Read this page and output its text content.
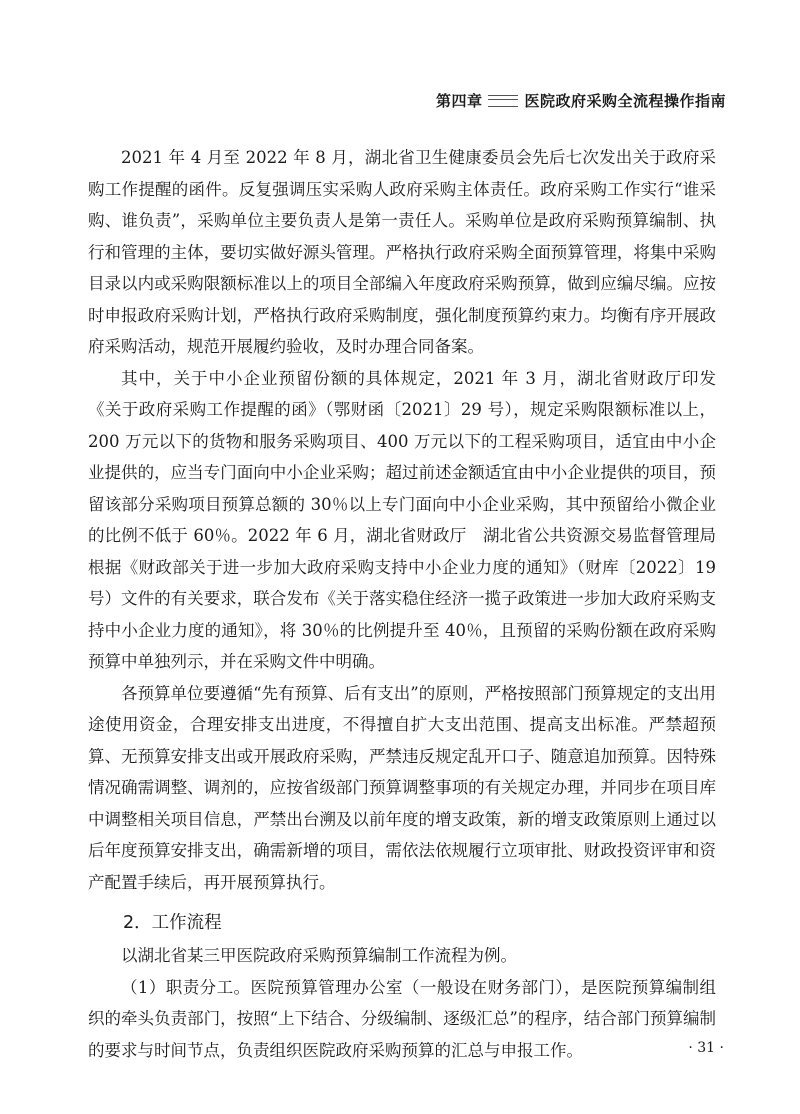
第四章	医院政府采购全流程操作指南

2021 年 4 月至 2022 年 8 月，湖北省卫生健康委员会先后七次发出关于政府采购工作提醒的函件。反复强调压实采购人政府采购主体责任。政府采购工作实行“谁采购、谁负责”，采购单位主要负责人是第一责任人。采购单位是政府采购预算编制、执行和管理的主体，要切实做好源头管理。严格执行政府采购全面预算管理，将集中采购目录以内或采购限额标准以上的项目全部编入年度政府采购预算，做到应编尽编。应按时申报政府采购计划，严格执行政府采购制度，强化制度预算约束力。均衡有序开展政府采购活动，规范开展履约验收，及时办理合同备案。

其中，关于中小企业预留份额的具体规定，2021 年 3 月，湖北省财政厅印发《关于政府采购工作提醒的函》（鄂财函〔2021〕29 号），规定采购限额标准以上，200 万元以下的货物和服务采购项目、400 万元以下的工程采购项目，适宜由中小企业提供的，应当专门面向中小企业采购；超过前述金额适宜由中小企业提供的项目，预留该部分采购项目预算总额的 30％以上专门面向中小企业采购，其中预留给小微企业的比例不低于 60％。2022 年 6 月，湖北省财政厅　湖北省公共资源交易监督管理局根据《财政部关于进一步加大政府采购支持中小企业力度的通知》（财库〔2022〕19 号）文件的有关要求，联合发布《关于落实稳住经济一揽子政策进一步加大政府采购支持中小企业力度的通知》，将 30％的比例提升至 40％，且预留的采购份额在政府采购预算中单独列示，并在采购文件中明确。

各预算单位要遵循“先有预算、后有支出”的原则，严格按照部门预算规定的支出用途使用资金，合理安排支出进度，不得擅自扩大支出范围、提高支出标准。严禁超预算、无预算安排支出或开展政府采购，严禁违反规定乱开口子、随意追加预算。因特殊情况确需调整、调剂的，应按省级部门预算调整事项的有关规定办理，并同步在项目库中调整相关项目信息，严禁出台溯及以前年度的增支政策，新的增支政策原则上通过以后年度预算安排支出，确需新增的项目，需依法依规履行立项审批、财政投资评审和资产配置手续后，再开展预算执行。

2．工作流程

以湖北省某三甲医院政府采购预算编制工作流程为例。

（1）职责分工。医院预算管理办公室（一般设在财务部门），是医院预算编制组织的牵头负责部门，按照“上下结合、分级编制、逐级汇总”的程序，结合部门预算编制的要求与时间节点，负责组织医院政府采购预算的汇总与申报工作。	· 31 ·
